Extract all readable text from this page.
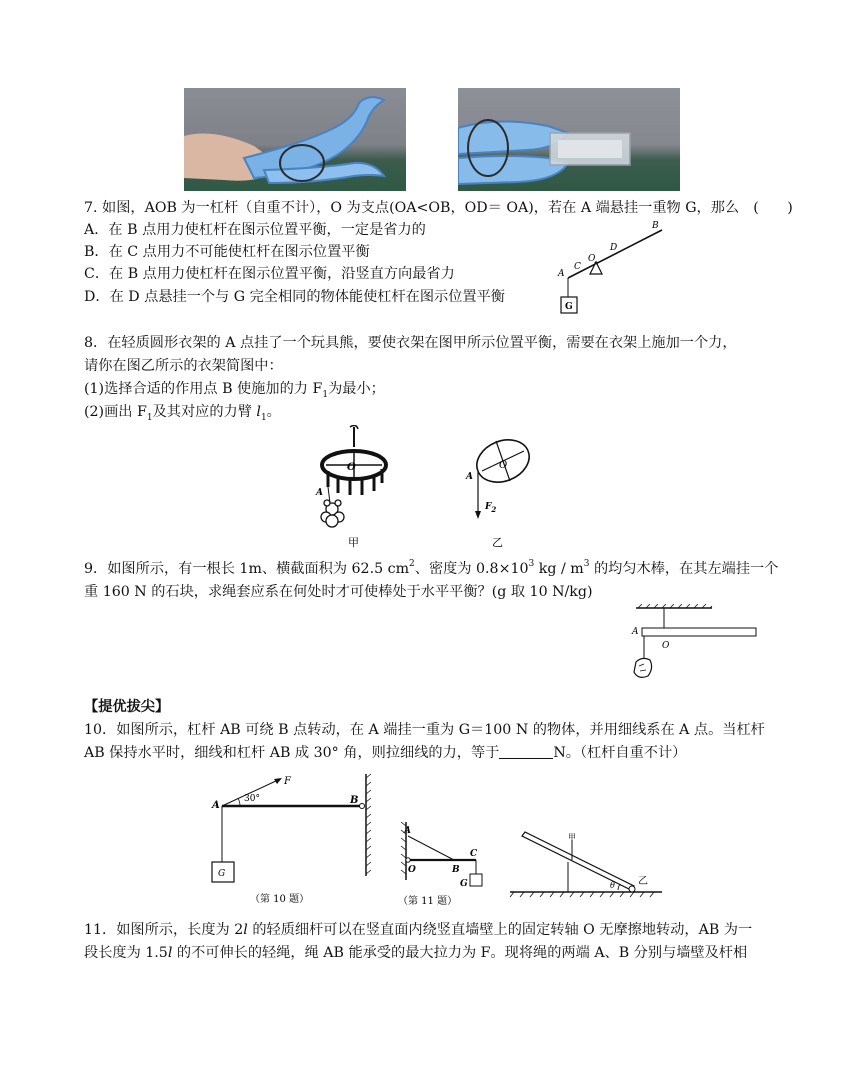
7. 如图，AOB 为一杠杆（自重不计），O 为支点(OA<OB，OD＝ OA)，若在 A 端悬挂一重物 G，那么　(　　)
A．在 B 点用力使杠杆在图示位置平衡，一定是省力的
B．在 C 点用力不可能使杠杆在图示位置平衡
C．在 B 点用力使杠杆在图示位置平衡，沿竖直方向最省力
D．在 D 点悬挂一个与 G 完全相同的物体能使杠杆在图示位置平衡
A
C
O
D
B
G
8．在轻质圆形衣架的 A 点挂了一个玩具熊，要使衣架在图甲所示位置平衡，需要在衣架上施加一个力，
请你在图乙所示的衣架简图中：
(1)选择合适的作用点 B 使施加的力 $F_1$为最小；
(2)画出 $F_1$及其对应的力臂 $l_1$。
O
A
甲
O
A
$F_2$
乙
9．如图所示，有一根长 1m、横截面积为 62.5 $cm^2$、密度为 $0.8\times 10^3$ kg / $m^3$ 的均匀木棒，在其左端挂一个
重 160 N 的石块，求绳套应系在何处时才可使棒处于水平平衡？(g 取 10 N/kg)
A
O
【提优拔尖】
10．如图所示，杠杆 AB 可绕 B 点转动，在 A 端挂一重为 G＝100 N 的物体，并用细线系在 A 点。当杠杆
AB 保持水平时，细线和杠杆 AB 成 30° 角，则拉细线的力，等于	N。（杠杆自重不计）
G
F
A	B
30°
（第 10 题）
A
O	B
C
G
（第 11 题）
甲
乙
θ
11．如图所示，长度为 2l 的轻质细杆可以在竖直面内绕竖直墙壁上的固定转轴 O 无摩擦地转动，AB 为一
段长度为 1.5l 的不可伸长的轻绳，绳 AB 能承受的最大拉力为 F。现将绳的两端 A、B 分别与墙壁及杆相
